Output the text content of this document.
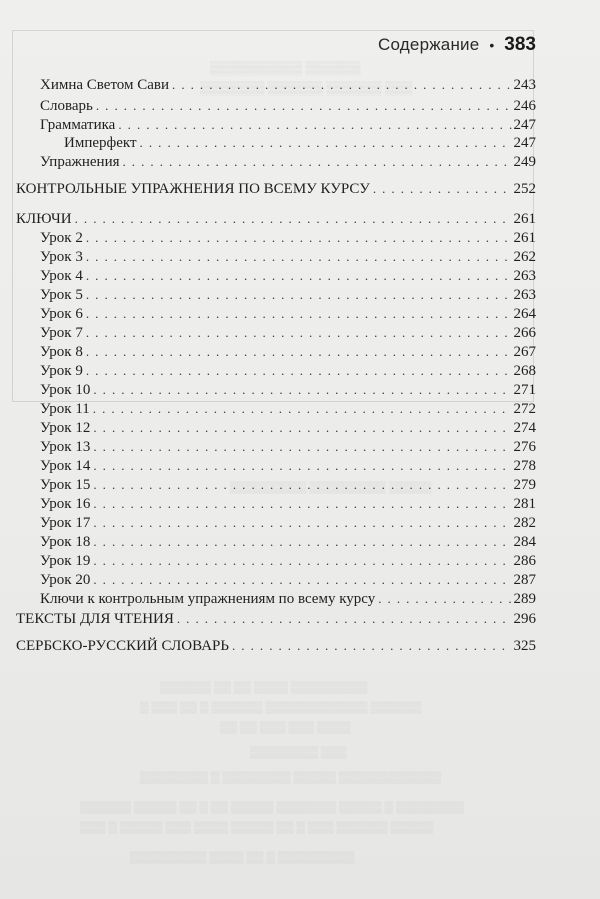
▒▒▒▒▒▒ ▒▒▒▒▒▒▒▒▒▒
▒▒▒ ▒▒▒▒▒▒ ▒▒▒▒▒▒ ▒▒▒▒▒▒▒
▒▒▒▒▒ ▒▒▒▒▒▒▒▒▒ ▒▒▒▒▒▒▒▒▒
▒▒▒▒▒▒▒▒▒ ▒▒▒▒ ▒▒ ▒▒ ▒▒▒▒▒▒
▒▒▒▒▒▒ ▒▒▒▒▒▒▒▒▒▒▒▒ ▒▒▒▒▒▒ ▒ ▒▒ ▒▒▒ ▒
▒▒▒▒ ▒▒▒ ▒▒▒ ▒▒ ▒▒
▒▒▒ ▒▒▒▒▒▒▒▒
▒▒▒▒▒▒▒▒▒▒▒▒ ▒▒▒▒▒ ▒▒▒▒▒▒▒▒ ▒ ▒▒▒▒▒▒▒▒
▒▒▒▒▒▒▒▒ ▒ ▒▒▒▒▒ ▒▒▒▒▒▒▒ ▒▒▒▒▒ ▒▒ ▒ ▒▒ ▒▒▒▒▒ ▒▒▒▒▒▒
▒▒▒▒▒ ▒▒▒▒▒▒ ▒▒▒ ▒ ▒▒ ▒▒▒▒▒ ▒▒▒▒ ▒▒▒ ▒▒▒▒▒ ▒ ▒▒▒
▒▒▒▒▒▒▒▒▒ ▒ ▒▒ ▒▒▒▒ ▒▒▒▒▒▒▒▒▒
Содержание • 383
Химна Светом Сави . . .	243
Словарь . . .	246
Грамматика . . .	247
Имперфект . . .	247
Упражнения . . .	249
КОНТРОЛЬНЫЕ УПРАЖНЕНИЯ ПО ВСЕМУ КУРСУ . . .	252
КЛЮЧИ . . .	261
Урок 2 . . .	261
Урок 3 . . .	262
Урок 4 . . .	263
Урок 5 . . .	263
Урок 6 . . .	264
Урок 7 . . .	266
Урок 8 . . .	267
Урок 9 . . .	268
Урок 10 . . .	271
Урок 11 . . .	272
Урок 12 . . .	274
Урок 13 . . .	276
Урок 14 . . .	278
Урок 15 . . .	279
Урок 16 . . .	281
Урок 17 . . .	282
Урок 18 . . .	284
Урок 19 . . .	286
Урок 20 . . .	287
Ключи к контрольным упражнениям по всему курсу . . .	289
ТЕКСТЫ ДЛЯ ЧТЕНИЯ . . .	296
СЕРБСКО-РУССКИЙ СЛОВАРЬ . . .	325
